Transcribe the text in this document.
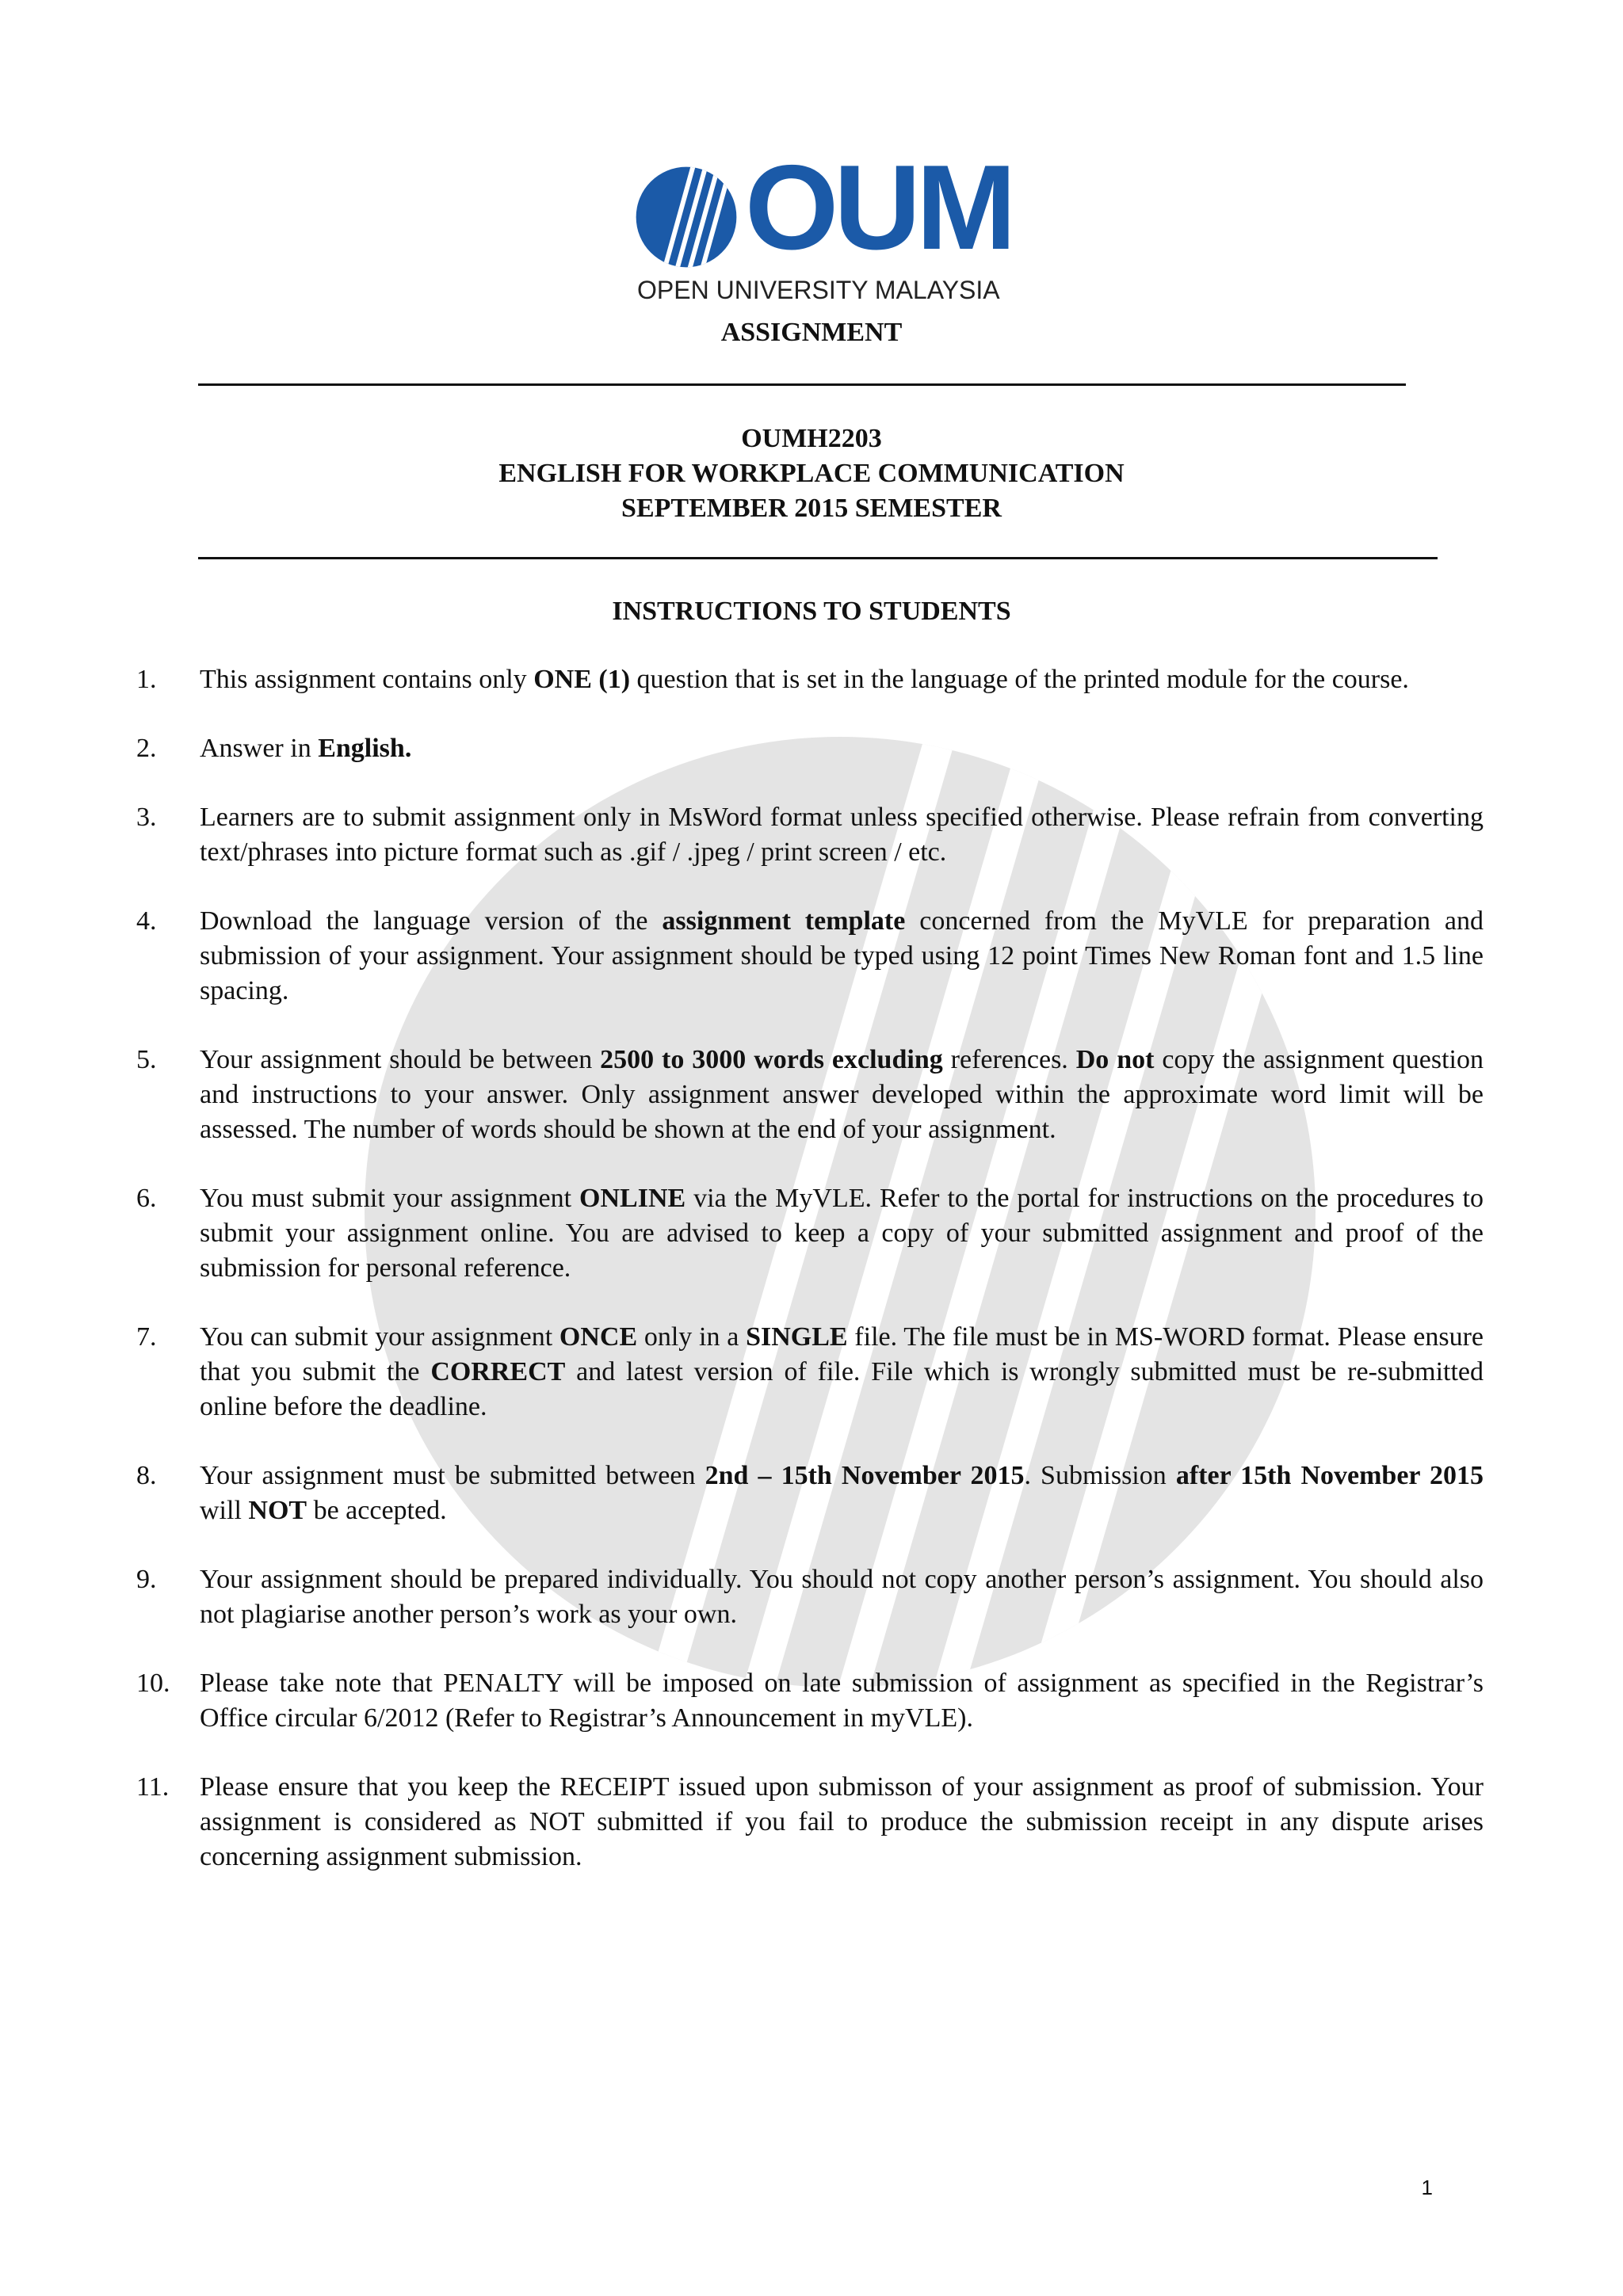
OUM
OPEN UNIVERSITY MALAYSIA
ASSIGNMENT
OUMH2203
ENGLISH FOR WORKPLACE COMMUNICATION
SEPTEMBER 2015 SEMESTER
INSTRUCTIONS TO STUDENTS
1.	This assignment contains only ONE (1) question that is set in the language of the printed module for the course.
2.	Answer in English.
3.	Learners are to submit assignment only in MsWord format unless specified otherwise. Please refrain from converting text/phrases into picture format such as .gif / .jpeg / print screen / etc.
4.	Download the language version of the assignment template concerned from the MyVLE for preparation and submission of your assignment. Your assignment should be typed using 12 point Times New Roman font and 1.5 line spacing.
5.	Your assignment should be between 2500 to 3000 words excluding references. Do not copy the assignment question and instructions to your answer. Only assignment answer developed within the approximate word limit will be assessed. The number of words should be shown at the end of your assignment.
6.	You must submit your assignment ONLINE via the MyVLE. Refer to the portal for instructions on the procedures to submit your assignment online. You are advised to keep a copy of your submitted assignment and proof of the submission for personal reference.
7.	You can submit your assignment ONCE only in a SINGLE file. The file must be in MS-WORD format. Please ensure that you submit the CORRECT and latest version of file. File which is wrongly submitted must be re-submitted online before the deadline.
8.	Your assignment must be submitted between 2nd – 15th November 2015. Submission after 15th November 2015 will NOT be accepted.
9.	Your assignment should be prepared individually. You should not copy another person’s assignment. You should also not plagiarise another person’s work as your own.
10.	Please take note that PENALTY will be imposed on late submission of assignment as specified in the Registrar’s Office circular 6/2012 (Refer to Registrar’s Announcement in myVLE).
11.	Please ensure that you keep the RECEIPT issued upon submisson of your assignment as proof of submission. Your assignment is considered as NOT submitted if you fail to produce the submission receipt in any dispute arises concerning assignment submission.
1
